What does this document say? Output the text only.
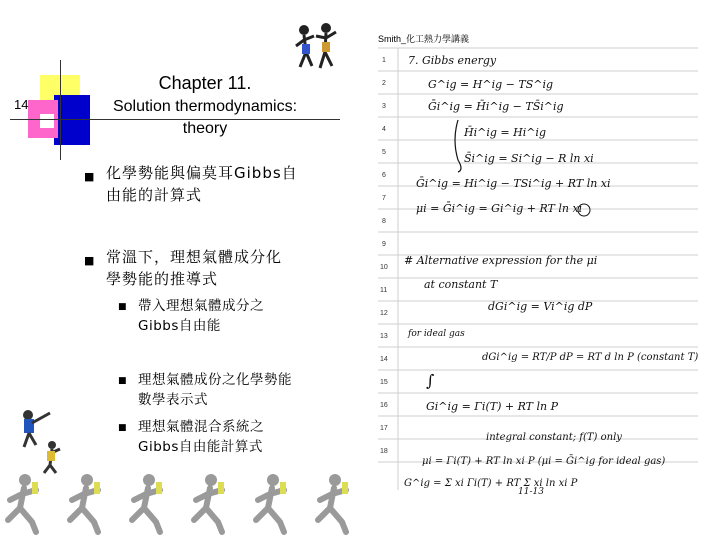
14
Chapter 11.
Solution thermodynamics:
theory
■ 化學勢能與偏莫耳Gibbs自
由能的計算式
■ 常溫下，理想氣體成分化
學勢能的推導式
■ 帶入理想氣體成分之
Gibbs自由能
■ 理想氣體成份之化學勢能
數學表示式
■ 理想氣體混合系統之
Gibbs自由能計算式
Smith_化工熱力學講義
1
2
3
4
5
6
7
8
9
10
11
12
13
14
15
16
17
18
7. Gibbs energy
G^ig = H^ig − TS^ig
Ḡi^ig = H̄i^ig − TS̄i^ig
H̄i^ig = Hi^ig
S̄i^ig = Si^ig − R ln xi
Ḡi^ig = Hi^ig − TSi^ig + RT ln xi
μi = Ḡi^ig = Gi^ig + RT ln xi
# Alternative expression for the μi
at constant T
dGi^ig = Vi^ig dP
for ideal gas
dGi^ig = RT/P dP = RT d ln P (constant T)
∫
Gi^ig = Γi(T) + RT ln P
integral constant; f(T) only
μi = Γi(T) + RT ln xi P (μi = Ḡi^ig for ideal gas)
G^ig = Σ xi Γi(T) + RT Σ xi ln xi P
11-13
